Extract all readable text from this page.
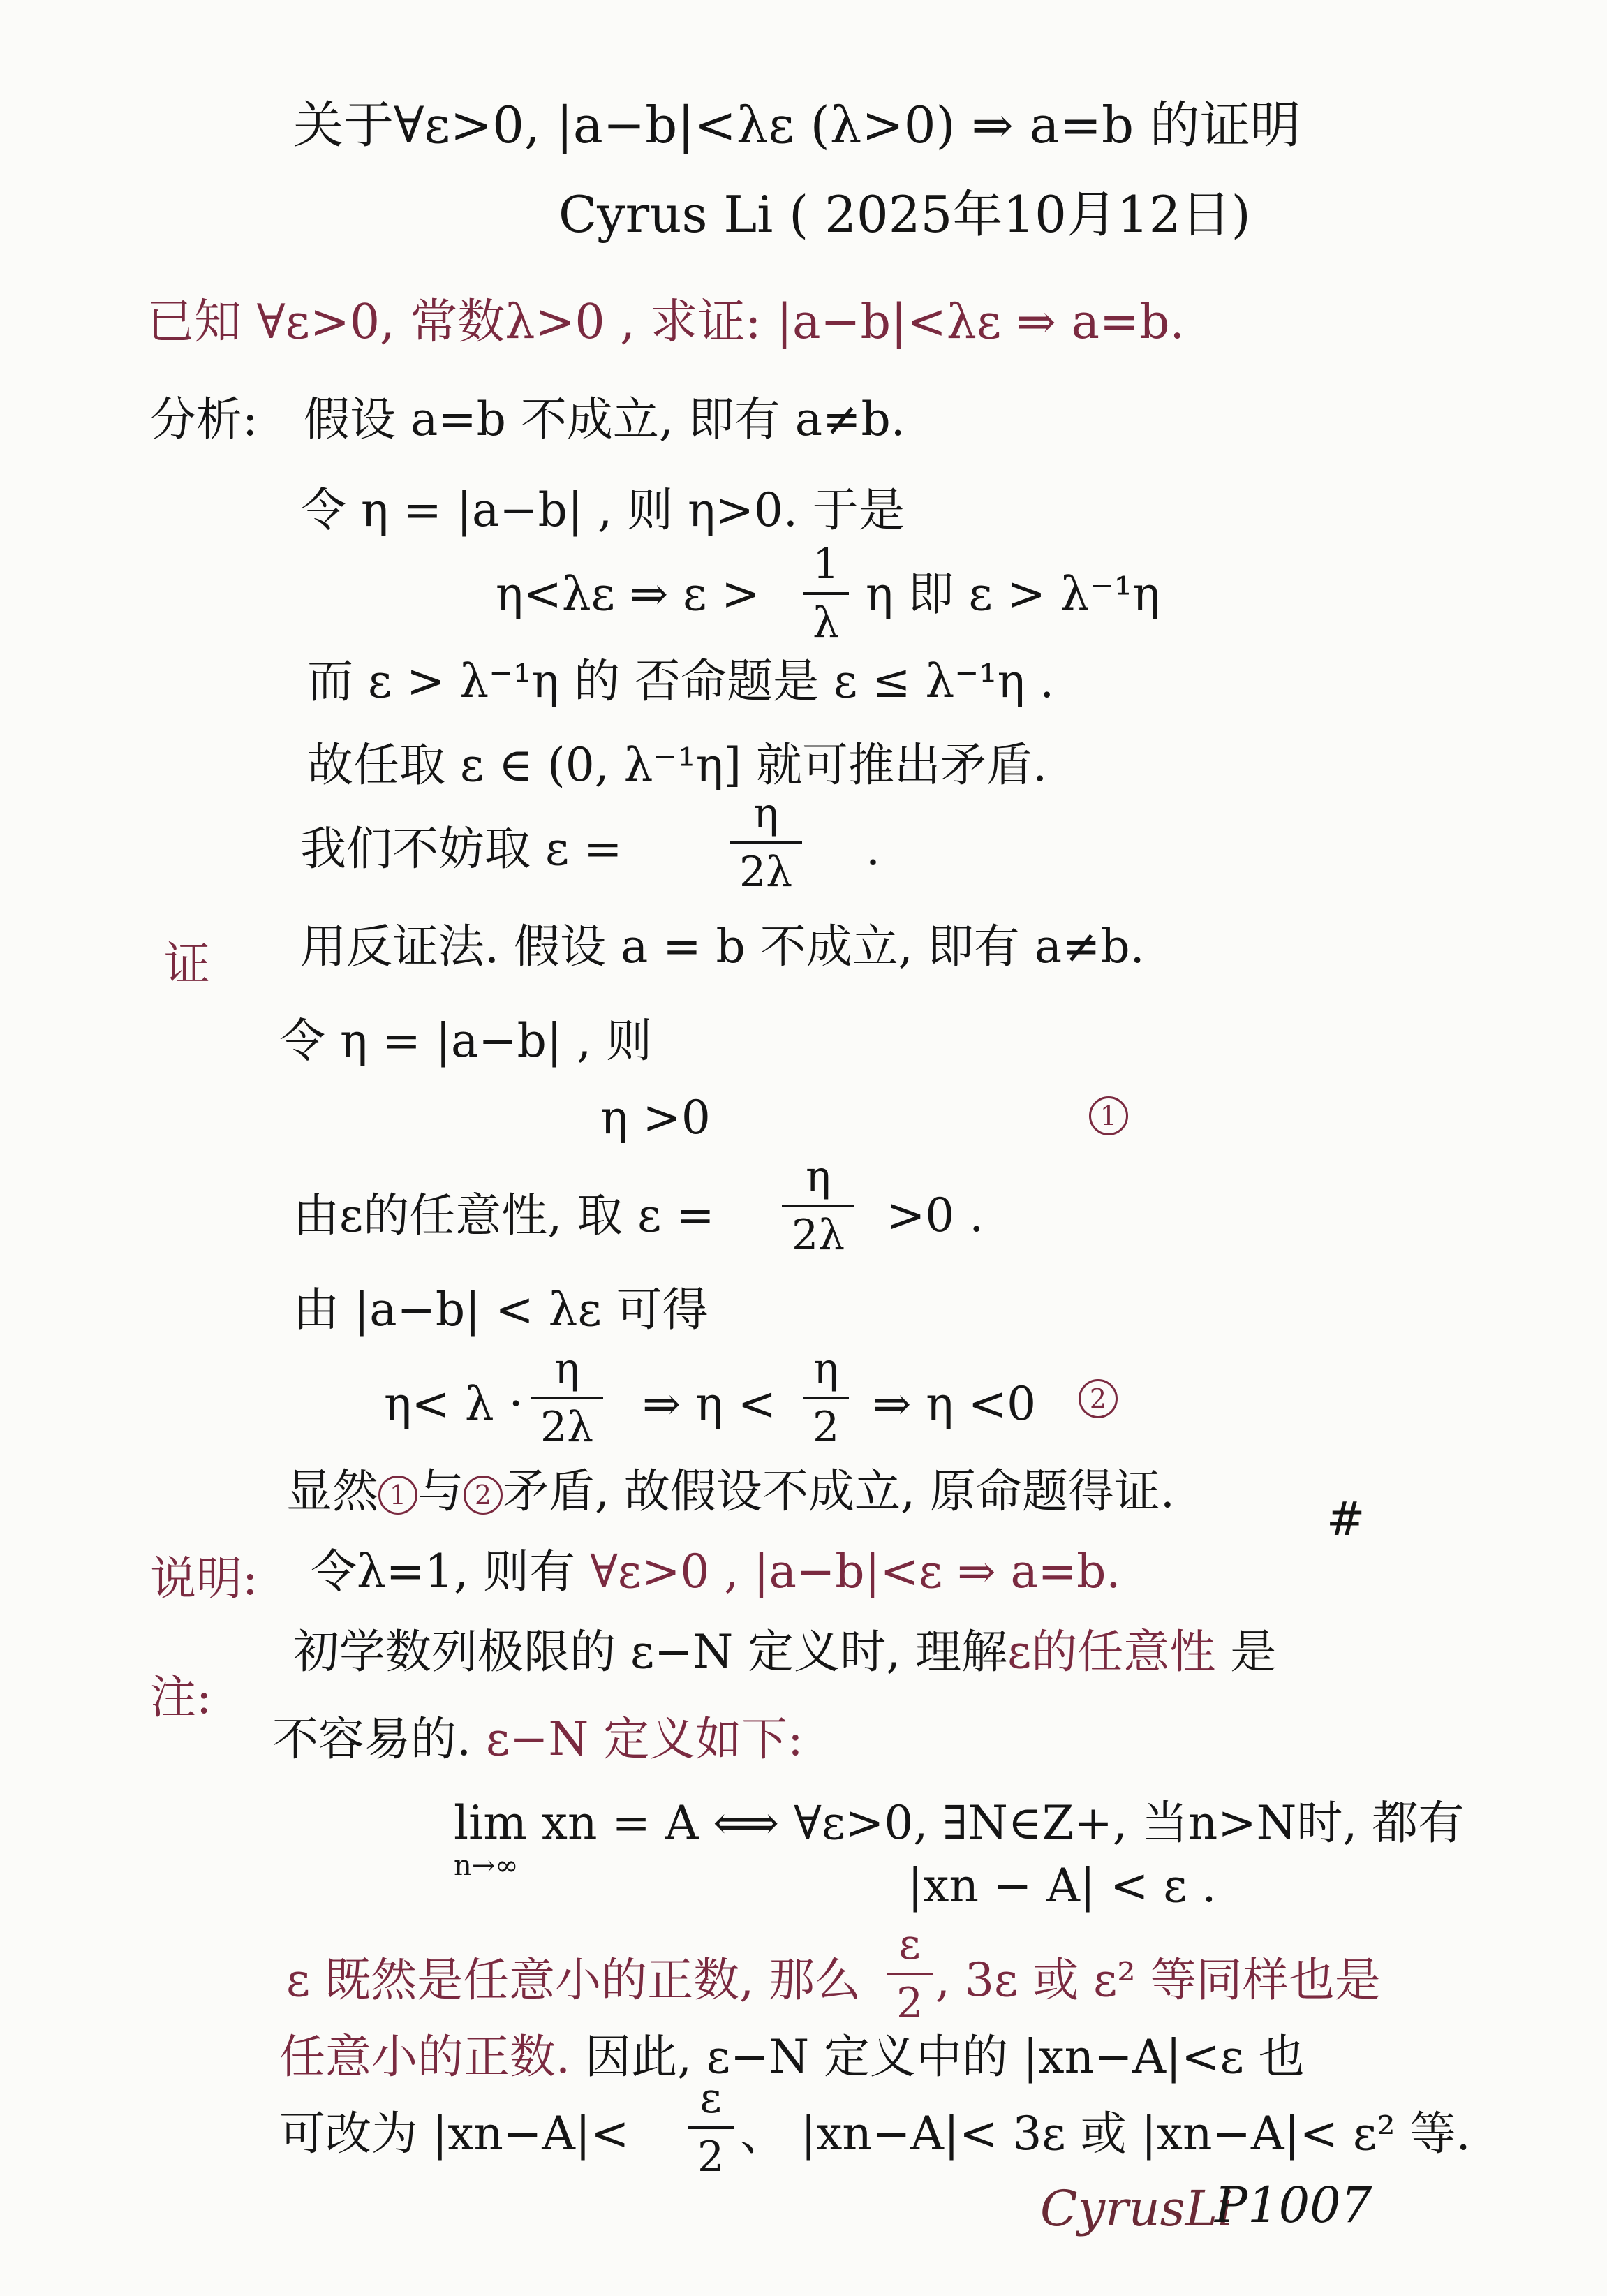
关于∀ε>0, |a−b|<λε (λ>0) ⇒ a=b 的证明
Cyrus Li ( 2025年10月12日)
已知 ∀ε>0, 常数λ>0 , 求证: |a−b|<λε ⇒ a=b.
分析: 假设 a=b 不成立, 即有 a≠b.
令 η = |a−b| , 则 η>0. 于是
η<λε ⇒ $\varepsilon > \frac{1}{\lambda}$ η 即 ε > λ⁻¹η
而 ε > λ⁻¹η 的 否命题是 ε ≤ λ⁻¹η .
故任取 ε ∈ (0, λ⁻¹η] 就可推出矛盾.
我们不妨取 ε =	$\frac{\eta}{2\lambda}$ .
证 用反证法. 假设 a = b 不成立, 即有 a≠b.
令 η = |a−b| , 则
η >0	1
由ε的任意性, 取 $\varepsilon = \frac{\eta}{2\lambda} >0$ .
由 |a−b| < λε 可得
$\eta< \lambda \cdot \frac{\eta}{2\lambda}$ ⇒ $\eta < \frac{\eta}{2}$ ⇒ η <0	2
显然 1 与 2 矛盾, 故假设不成立, 原命题得证.
#
说明: 令λ=1, 则有 ∀ε>0 , |a−b|<ε ⇒ a=b.
注:
初学数列极限的 ε−N 定义时, 理解ε的任意性 是
不容易的. ε−N 定义如下:
lim xn = A ⟺ ∀ε>0, ∃N∈Z+, 当n>N时, 都有
n→∞	|xn − A| < ε .
ε 既然是任意小的正数, 那么 $\frac{\varepsilon}{2}$ , 3ε 或 ε² 等同样也是
任意小的正数. 因此, ε−N 定义中的 |xn−A|<ε 也
可改为 $|xn-A|< \frac{\varepsilon}{2}$ 、 |xn−A|< 3ε 或 |xn−A|< ε² 等.
CyrusLi
P1007
